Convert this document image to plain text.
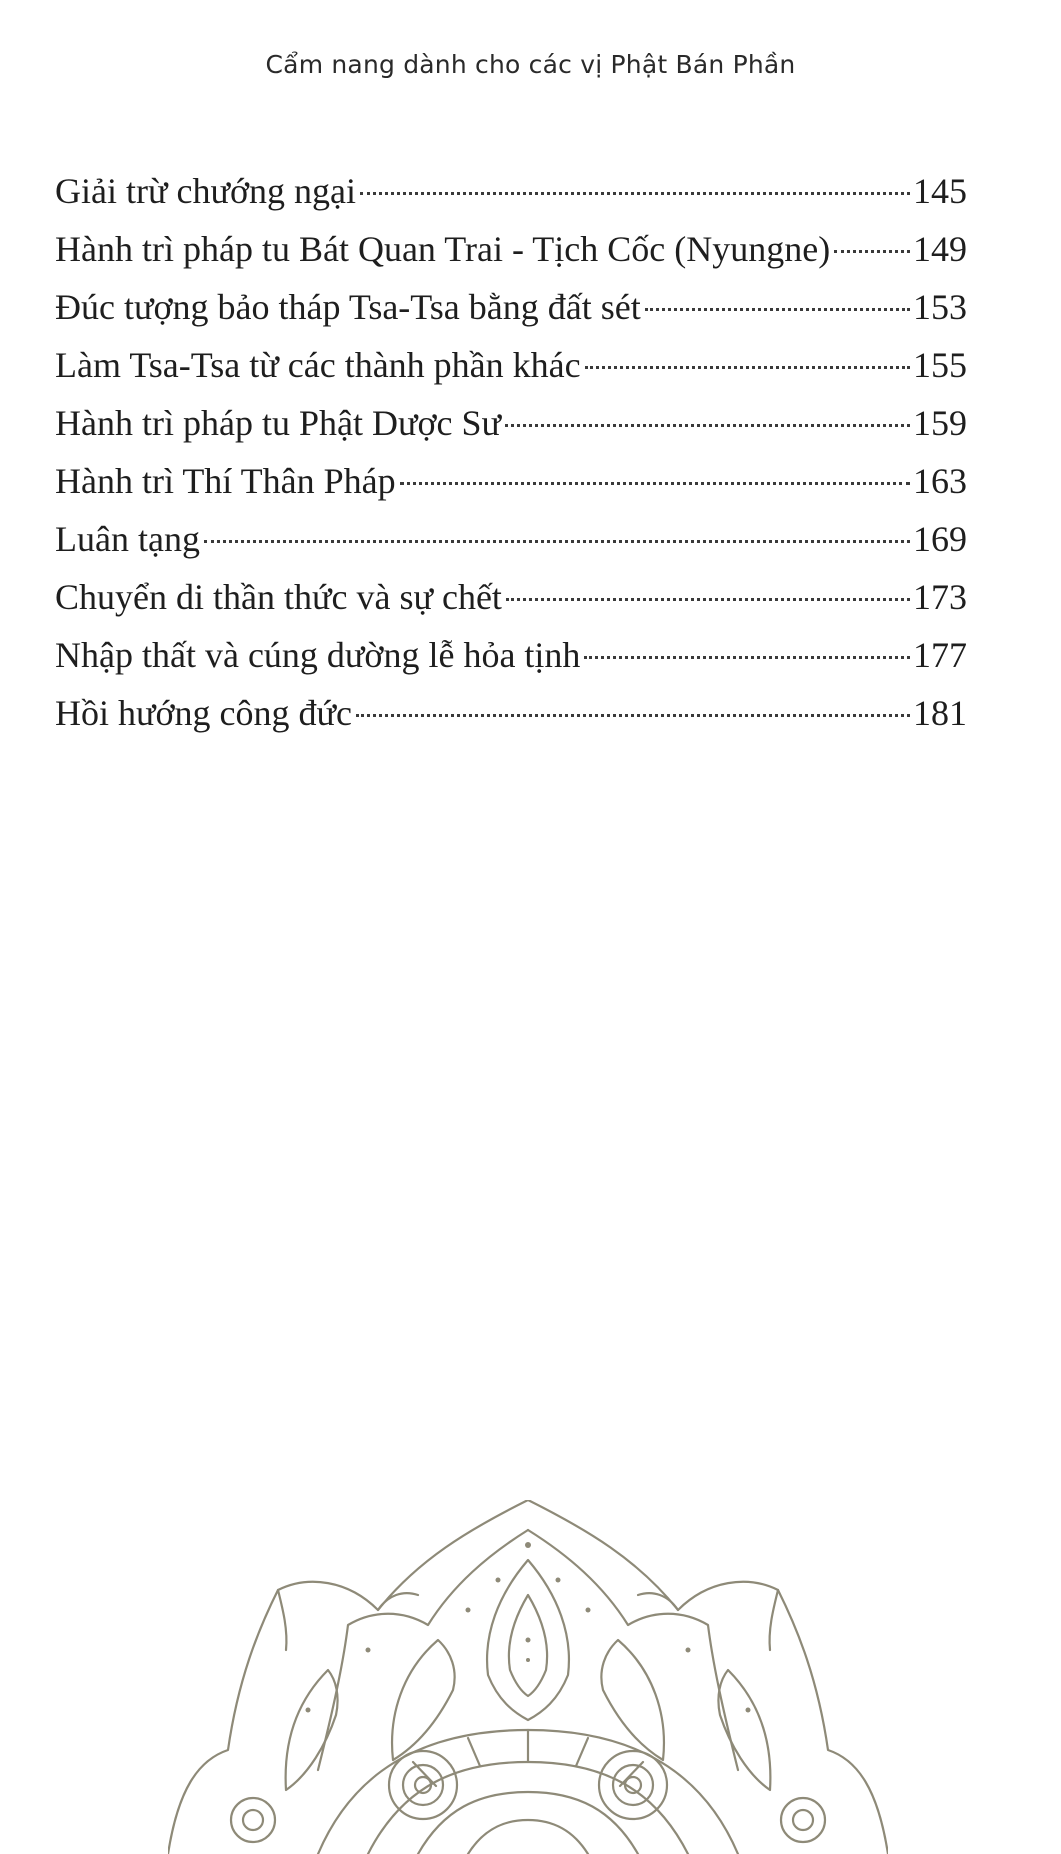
Cẩm nang dành cho các vị Phật Bán Phần
Giải trừ chướng ngại	145
Hành trì pháp tu Bát Quan Trai - Tịch Cốc (Nyungne) 149
Đúc tượng bảo tháp Tsa-Tsa bằng đất sét	153
Làm Tsa-Tsa từ các thành phần khác	155
Hành trì pháp tu Phật Dược Sư	159
Hành trì Thí Thân Pháp	163
Luân tạng	169
Chuyển di thần thức và sự chết	173
Nhập thất và cúng dường lễ hỏa tịnh	177
Hồi hướng công đức	181
